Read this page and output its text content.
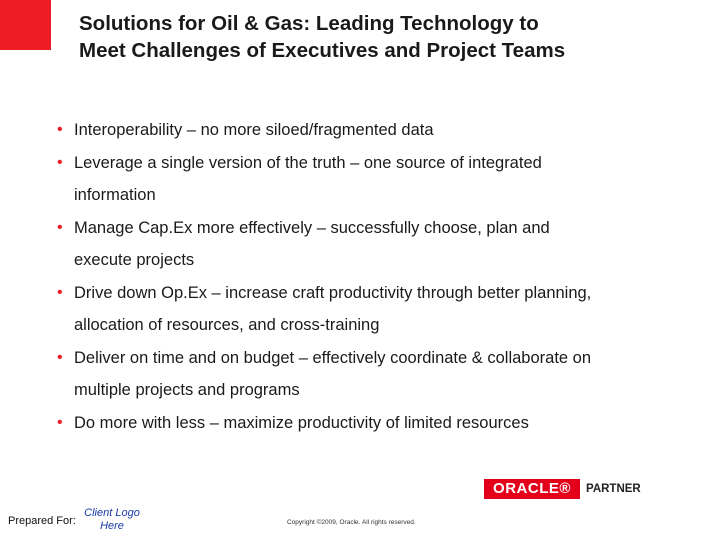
Solutions for Oil & Gas: Leading Technology to
Meet Challenges of Executives and Project Teams
• Interoperability – no more siloed/fragmented data
• Leverage a single version of the truth – one source of integrated
information
• Manage Cap.Ex more effectively – successfully choose, plan and
execute projects
• Drive down Op.Ex – increase craft productivity through better planning,
allocation of resources, and cross-training
• Deliver on time and on budget – effectively coordinate & collaborate on
multiple projects and programs
• Do more with less – maximize productivity of limited resources
ORACLE®	PARTNER
Prepared For:
Client Logo
Here	Copyright ©2009, Oracle. All rights reserved.
